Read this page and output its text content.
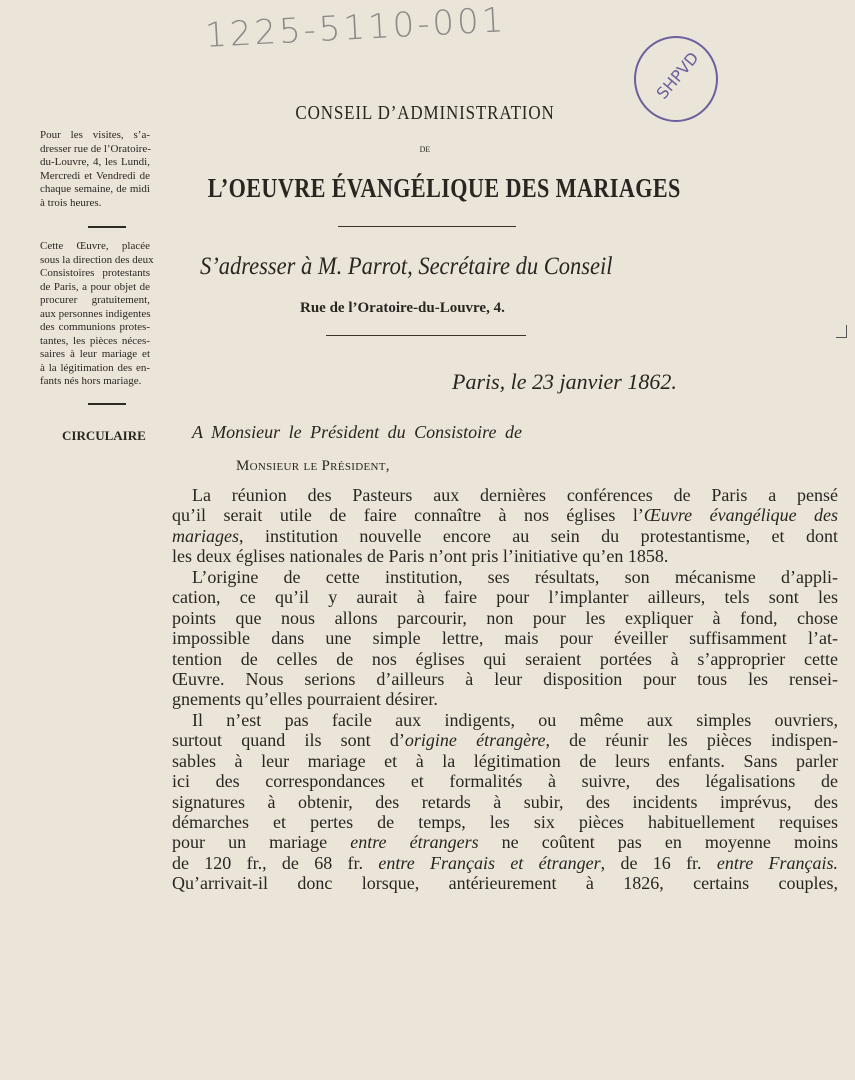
1225-5110-001
SHPVD
CONSEIL D’ADMINISTRATION
DE
L’OEUVRE ÉVANGÉLIQUE DES MARIAGES
S’adresser à M. Parrot, Secrétaire du Conseil
Rue de l’Oratoire-du-Louvre, 4.
Paris, le 23 janvier 1862.
Pour les visites, s’a-
dresser rue de l’Oratoire-
du-Louvre, 4, les Lundi,
Mercredi et Vendredi de
chaque semaine, de midi
à trois heures.
Cette Œuvre, placée
sous la direction des deux
Consistoires protestants
de Paris, a pour objet de
procurer gratuitement,
aux personnes indigentes
des communions protes-
tantes, les pièces néces-
saires à leur mariage et
à la légitimation des en-
fants nés hors mariage.
CIRCULAIRE	A Monsieur le Président du Consistoire de
Monsieur le Président,
La réunion des Pasteurs aux dernières conférences de Paris a pensé
qu’il serait utile de faire connaître à nos églises l’Œuvre évangélique des
mariages, institution nouvelle encore au sein du protestantisme, et dont
les deux églises nationales de Paris n’ont pris l’initiative qu’en 1858.
L’origine de cette institution, ses résultats, son mécanisme d’appli-
cation, ce qu’il y aurait à faire pour l’implanter ailleurs, tels sont les
points que nous allons parcourir, non pour les expliquer à fond, chose
impossible dans une simple lettre, mais pour éveiller suffisamment l’at-
tention de celles de nos églises qui seraient portées à s’approprier cette
Œuvre. Nous serions d’ailleurs à leur disposition pour tous les rensei-
gnements qu’elles pourraient désirer.
Il n’est pas facile aux indigents, ou même aux simples ouvriers,
surtout quand ils sont d’origine étrangère, de réunir les pièces indispen-
sables à leur mariage et à la légitimation de leurs enfants. Sans parler
ici des correspondances et formalités à suivre, des légalisations de
signatures à obtenir, des retards à subir, des incidents imprévus, des
démarches et pertes de temps, les six pièces habituellement requises
pour un mariage entre étrangers ne coûtent pas en moyenne moins
de 120 fr., de 68 fr. entre Français et étranger, de 16 fr. entre Français.
Qu’arrivait-il donc lorsque, antérieurement à 1826, certains couples,
